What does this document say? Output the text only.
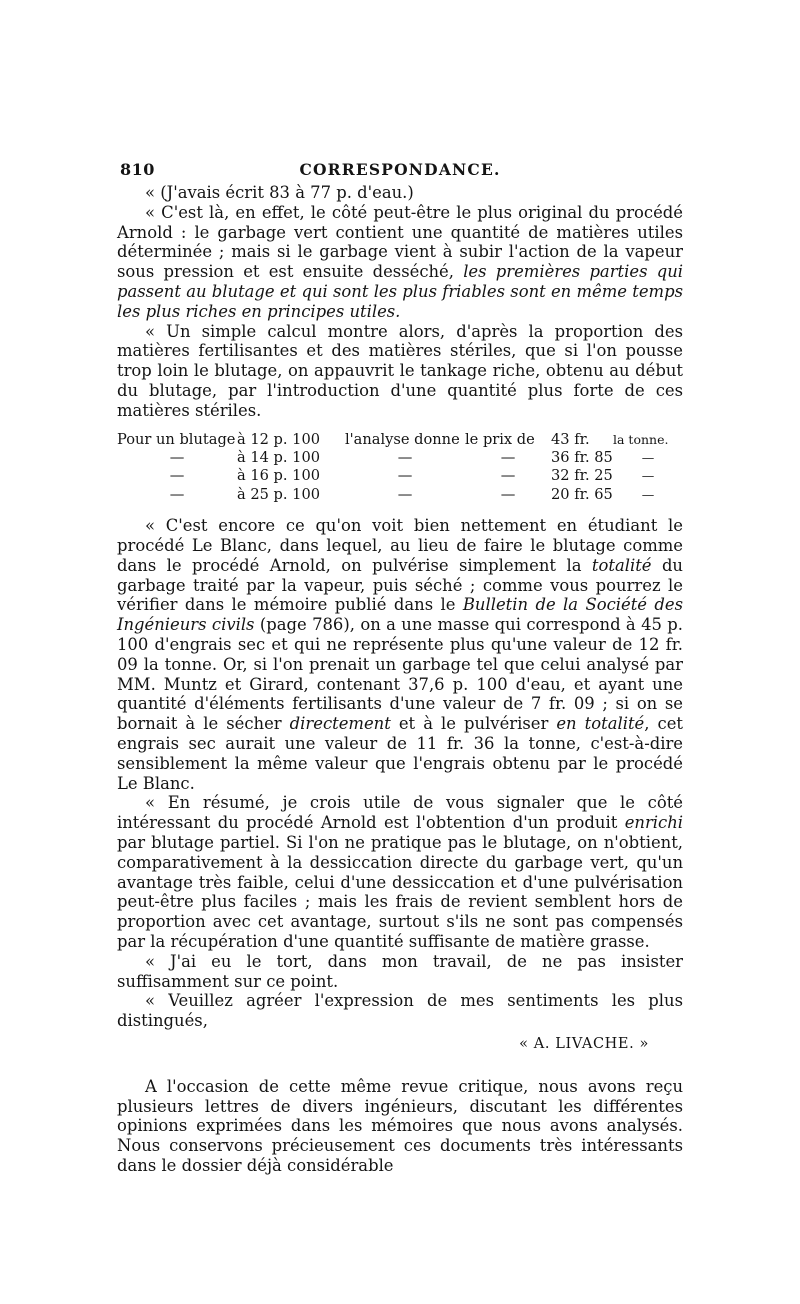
810	CORRESPONDANCE.

« (J'avais écrit 83 à 77 p. d'eau.)

« C'est là, en effet, le côté peut-être le plus original du procédé Arnold : le garbage vert contient une quantité de matières utiles déterminée ; mais si le garbage vient à subir l'action de la vapeur sous pression et est ensuite desséché, les premières parties qui passent au blutage et qui sont les plus friables sont en même temps les plus riches en principes utiles.

« Un simple calcul montre alors, d'après la proportion des matières fertilisantes et des matières stériles, que si l'on pousse trop loin le blutage, on appauvrit le tankage riche, obtenu au début du blutage, par l'introduction d'une quantité plus forte de ces matières stériles.

Pour un blutage à 12 p. 100	l'analyse donne le prix de	43 fr.	la tonne.
—	à 14 p. 100	—	—	36 fr. 85	—
—	à 16 p. 100	—	—	32 fr. 25	—
—	à 25 p. 100	—	—	20 fr. 65	—

« C'est encore ce qu'on voit bien nettement en étudiant le procédé Le Blanc, dans lequel, au lieu de faire le blutage comme dans le procédé Arnold, on pulvérise simplement la totalité du garbage traité par la vapeur, puis séché ; comme vous pourrez le vérifier dans le mémoire publié dans le Bulletin de la Société des Ingénieurs civils (page 786), on a une masse qui correspond à 45 p. 100 d'engrais sec et qui ne représente plus qu'une valeur de 12 fr. 09 la tonne. Or, si l'on prenait un garbage tel que celui analysé par MM. Muntz et Girard, contenant 37,6 p. 100 d'eau, et ayant une quantité d'éléments fertilisants d'une valeur de 7 fr. 09 ; si on se bornait à le sécher directement et à le pulvériser en totalité, cet engrais sec aurait une valeur de 11 fr. 36 la tonne, c'est-à-dire sensiblement la même valeur que l'engrais obtenu par le procédé Le Blanc.

« En résumé, je crois utile de vous signaler que le côté intéressant du procédé Arnold est l'obtention d'un produit enrichi par blutage partiel. Si l'on ne pratique pas le blutage, on n'obtient, comparativement à la dessiccation directe du garbage vert, qu'un avantage très faible, celui d'une dessiccation et d'une pulvérisation peut-être plus faciles ; mais les frais de revient semblent hors de proportion avec cet avantage, surtout s'ils ne sont pas compensés par la récupération d'une quantité suffisante de matière grasse.

« J'ai eu le tort, dans mon travail, de ne pas insister suffisamment sur ce point.

« Veuillez agréer l'expression de mes sentiments les plus distingués,

« A. LIVACHE. »

A l'occasion de cette même revue critique, nous avons reçu plusieurs lettres de divers ingénieurs, discutant les différentes opinions exprimées dans les mémoires que nous avons analysés. Nous conservons précieusement ces documents très intéressants dans le dossier déjà considérable
